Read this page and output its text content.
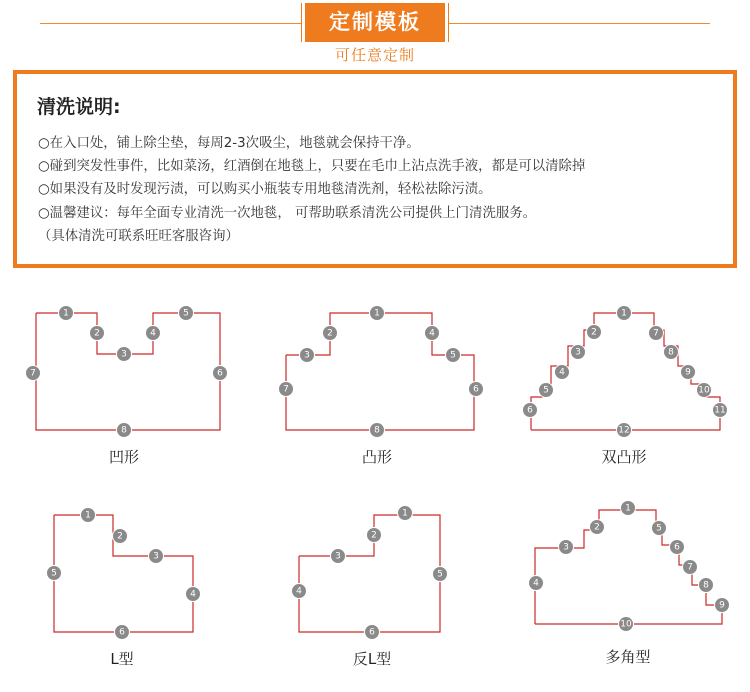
定制模板
可任意定制
清洗说明:
○在入口处，铺上除尘垫，每周2-3次吸尘，地毯就会保持干净。
○碰到突发性事件，比如菜汤，红酒倒在地毯上，只要在毛巾上沾点洗手液，都是可以清除掉
○如果没有及时发现污渍，可以购买小瓶装专用地毯清洗剂，轻松祛除污渍。
○温馨建议：每年全面专业清洗一次地毯， 可帮助联系清洗公司提供上门清洗服务。
（具体清洗可联系旺旺客服咨询）
1
2
3
4
5
6
7
8
凹形
1
2
3
4
5
6
7
8
凸形
1
2
3
4
5
6
7
8
9
10
11
12
双凸形
1
2
3
4
5
6
L型
1
2
3
4
5
6
反L型
1
2
3
4
5
6
7
8
9
10
多角型
